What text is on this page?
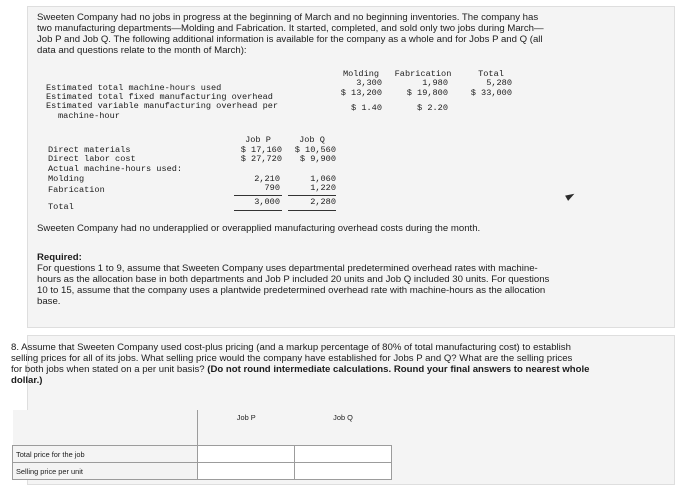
Sweeten Company had no jobs in progress at the beginning of March and no beginning inventories. The company has
two manufacturing departments—Molding and Fabrication. It started, completed, and sold only two jobs during March—
Job P and Job Q. The following additional information is available for the company as a whole and for Jobs P and Q (all
data and questions relate to the month of March):
Molding	Fabrication	Total
Estimated total machine-hours used	3,300	1,980	5,280
Estimated total fixed manufacturing overhead	$ 13,200	$ 19,800	$ 33,000
Estimated variable manufacturing overhead per
machine-hour
$ 1.40	$ 2.20
Job P	Job Q
Direct materials	$ 17,160	$ 10,560
Direct labor cost	$ 27,720	$ 9,900
Actual machine-hours used:
Molding	2,210	1,060
Fabrication	790	1,220
Total	3,000	2,280
Sweeten Company had no underapplied or overapplied manufacturing overhead costs during the month.
Required:
For questions 1 to 9, assume that Sweeten Company uses departmental predetermined overhead rates with machine-
hours as the allocation base in both departments and Job P included 20 units and Job Q included 30 units. For questions
10 to 15, assume that the company uses a plantwide predetermined overhead rate with machine-hours as the allocation
base.
8. Assume that Sweeten Company used cost-plus pricing (and a markup percentage of 80% of total manufacturing cost) to establish
selling prices for all of its jobs. What selling price would the company have established for Jobs P and Q? What are the selling prices
for both jobs when stated on a per unit basis? (Do not round intermediate calculations. Round your final answers to nearest whole
dollar.)
	Job P	Job Q
Total price for the job		
Selling price per unit		
